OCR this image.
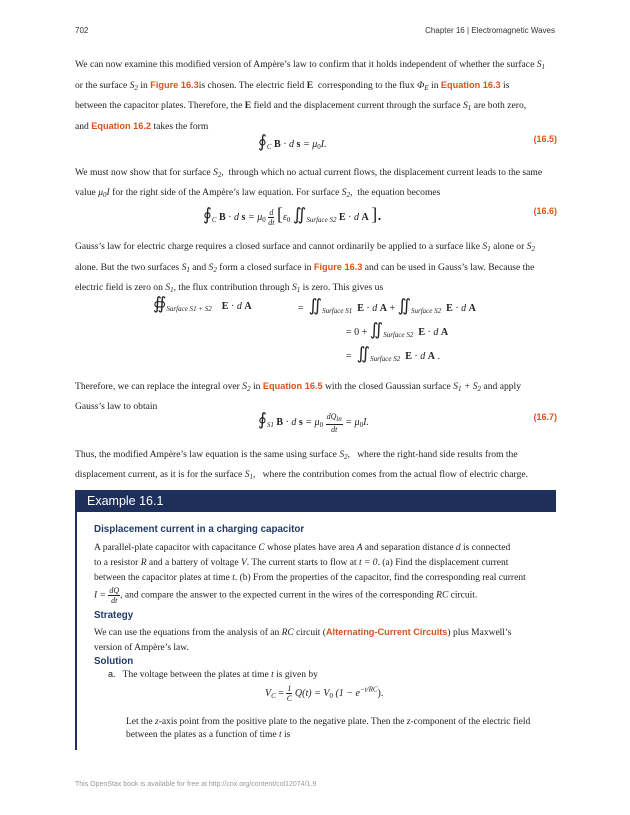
702	Chapter 16 | Electromagnetic Waves
We can now examine this modified version of Ampère’s law to confirm that it holds independent of whether the surface $S_1$
or the surface $S_2$ in Figure 16.3is chosen. The electric field E corresponding to the flux $\Phi_E$ in Equation 16.3 is
between the capacitor plates. Therefore, the E field and the displacement current through the surface $S_1$ are both zero,
and Equation 16.2 takes the form
$∮_C$ B · d $s = \mu_0I$.	(16.5)
We must now show that for surface $S_2$, through which no actual current flows, the displacement current leads to the same
value $\mu_0I$ for the right side of the Ampère’s law equation. For surface $S_2$, the equation becomes
$∮_C$ B · d $s = \mu_0 \frac{d}{dt} [\varepsilon_0$ $∬_{Surface S2}$ E · d A ].	(16.6)
Gauss’s law for electric charge requires a closed surface and cannot ordinarily be applied to a surface like $S_1$ alone or $S_2$
alone. But the two surfaces $S_1$ and $S_2$ form a closed surface in Figure 16.3 and can be used in Gauss’s law. Because the
electric field is zero on $S_1$, the flux contribution through $S_1$ is zero. This gives us
$∯_{Surface S1}$ $_{+ S2}$ E · d A	= $∬_{Surface S1}$ E · d $A + ∬_{Surface S2}$ E · d A
= $0 + ∬_{Surface S2}$ E · d A
= $∬_{Surface S2}$ E · d A .
Therefore, we can replace the integral over $S_2$ in Equation 16.5 with the closed Gaussian surface $S_1 + S_2$ and apply
Gauss’s law to obtain
$∮_{S1}$ B · d $s = \mu_0 \frac{\text{dQin}}{dt} = \mu_0I$.	(16.7)
Thus, the modified Ampère’s law equation is the same using surface $S_2$, where the right-hand side results from the
displacement current, as it is for the surface $S_1$, where the contribution comes from the actual flow of electric charge.
Example 16.1
Displacement current in a charging capacitor
A parallel-plate capacitor with capacitance C whose plates have area A and separation distance d is connected
to a resistor R and a battery of voltage V. The current starts to flow at t = 0. (a) Find the displacement current
between the capacitor plates at time t. (b) From the properties of the capacitor, find the corresponding real current
$I = \frac{dQ}{dt}$, and compare the answer to the expected current in the wires of the corresponding RC circuit.
Strategy
We can use the equations from the analysis of an RC circuit (Alternating-Current Circuits) plus Maxwell’s
version of Ampère’s law.
Solution
a. The voltage between the plates at time t is given by
$V_C = \frac{1}{C} Q(t) = V_0$ $(1 - e^{-t/RC})$.
Let the z-axis point from the positive plate to the negative plate. Then the z-component of the electric field
between the plates as a function of time t is
This OpenStax book is available for free at http://cnx.org/content/col12074/1.9
